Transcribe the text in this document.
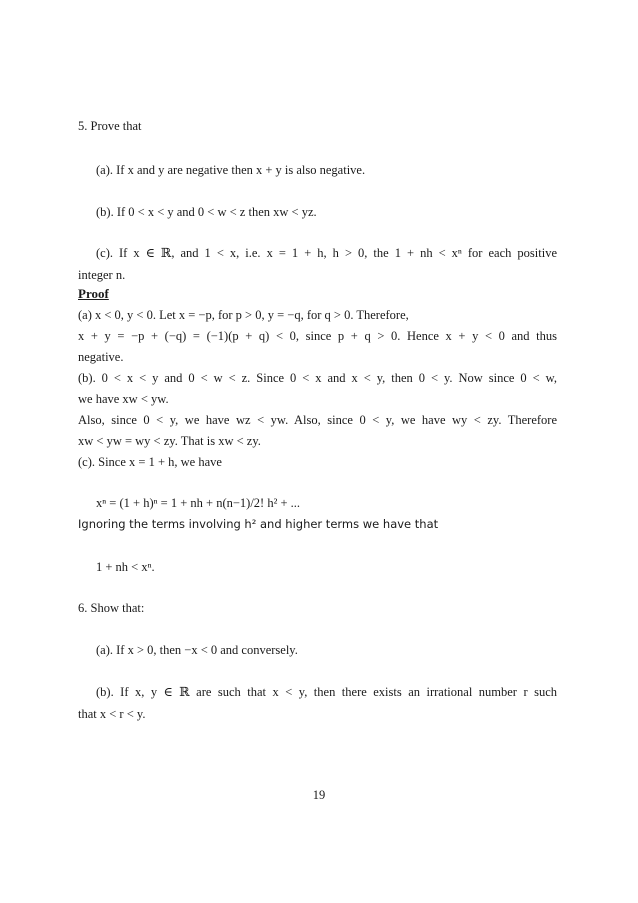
5. Prove that
(a). If x and y are negative then x + y is also negative.
(b). If 0 < x < y and 0 < w < z then xw < yz.
(c). If x ∈ ℝ, and 1 < x, i.e. x = 1 + h, h > 0, the 1 + nh < xⁿ for each positive
integer n.
Proof
(a) x < 0, y < 0. Let x = −p, for p > 0, y = −q, for q > 0. Therefore,
x + y = −p + (−q) = (−1)(p + q) < 0, since p + q > 0. Hence x + y < 0 and thus
negative.
(b). 0 < x < y and 0 < w < z. Since 0 < x and x < y, then 0 < y. Now since 0 < w,
we have xw < yw.
Also, since 0 < y, we have wz < yw. Also, since 0 < y, we have wy < zy. Therefore
xw < yw = wy < zy. That is xw < zy.
(c). Since x = 1 + h, we have
xⁿ = (1 + h)ⁿ = 1 + nh + n(n−1)/2! h² + ...
Ignoring the terms involving h² and higher terms we have that
1 + nh < xⁿ.
6. Show that:
(a). If x > 0, then −x < 0 and conversely.
(b). If x, y ∈ ℝ are such that x < y, then there exists an irrational number r such
that x < r < y.
19
